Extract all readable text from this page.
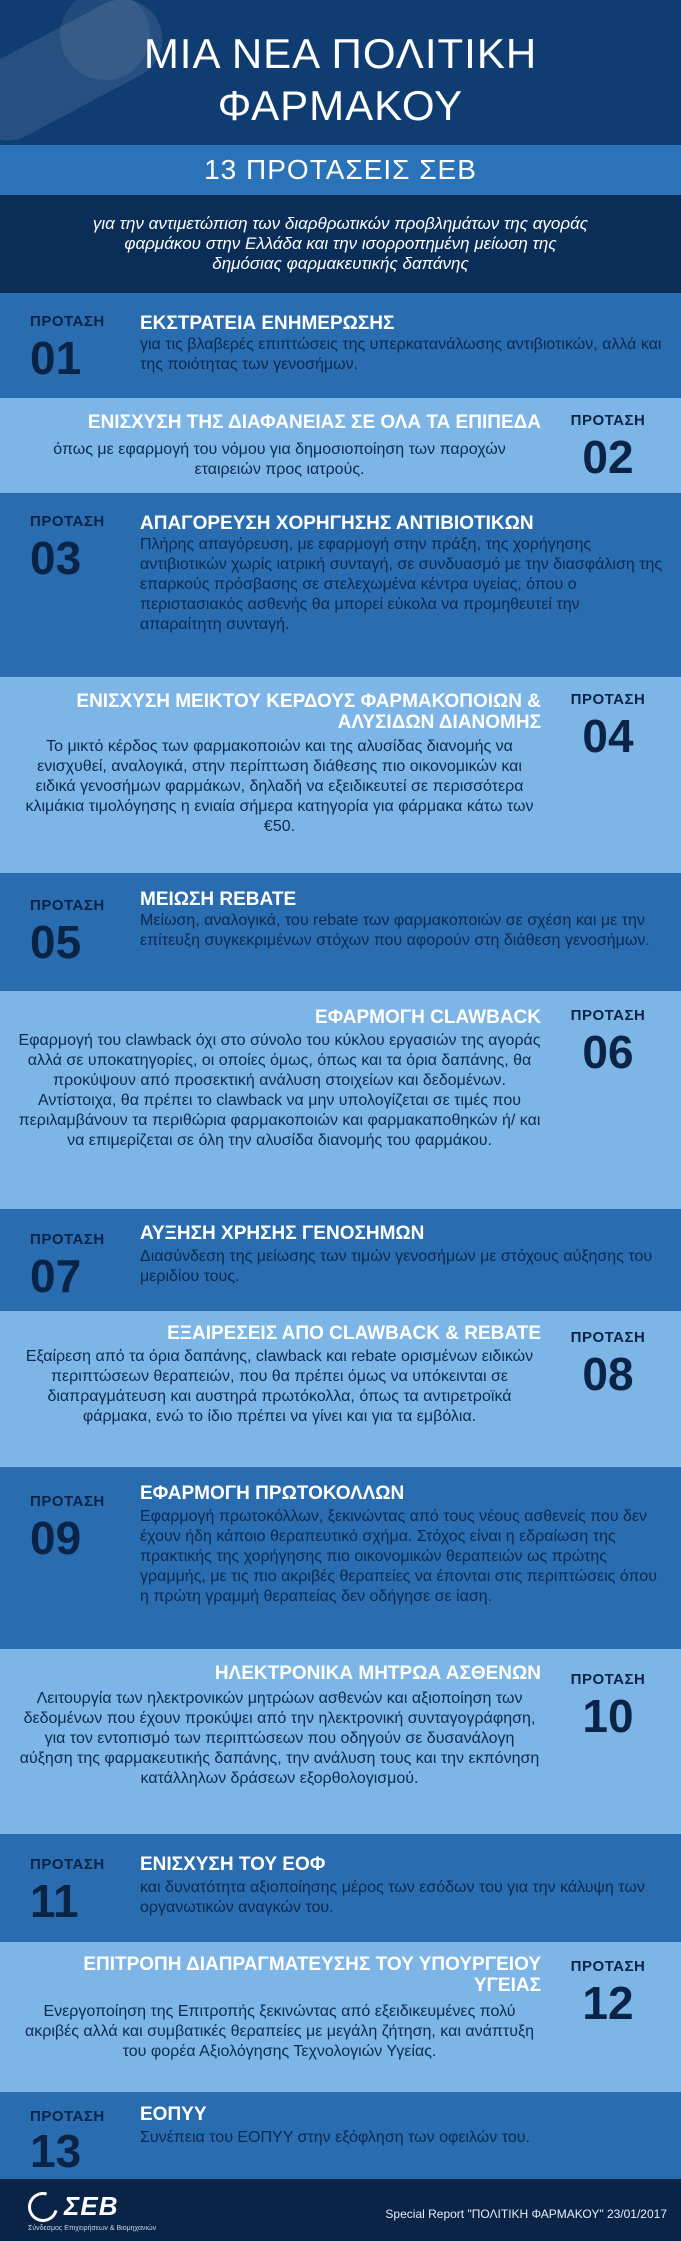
ΜΙΑ ΝΕΑ ΠΟΛΙΤΙΚΗ
ΦΑΡΜΑΚΟΥ
13 ΠΡΟΤΑΣΕΙΣ ΣΕΒ
για την αντιμετώπιση των διαρθρωτικών προβλημάτων της αγοράς φαρμάκου στην Ελλάδα και την ισορροπημένη μείωση της δημόσιας φαρμακευτικής δαπάνης
ΠΡΟΤΑΣΗ
01
ΕΚΣΤΡΑΤΕΙΑ ΕΝΗΜΕΡΩΣΗΣ
για τις βλαβερές επιπτώσεις της υπερκατανάλωσης αντιβιοτικών, αλλά και της ποιότητας των γενοσήμων.
ΠΡΟΤΑΣΗ
02
ΕΝΙΣΧΥΣΗ ΤΗΣ ΔΙΑΦΑΝΕΙΑΣ ΣΕ ΟΛΑ ΤΑ ΕΠΙΠΕΔΑ
όπως με εφαρμογή του νόμου για δημοσιοποίηση των παροχών εταιρειών προς ιατρούς.
ΠΡΟΤΑΣΗ
03
ΑΠΑΓΟΡΕΥΣΗ ΧΟΡΗΓΗΣΗΣ ΑΝΤΙΒΙΟΤΙΚΩΝ
Πλήρης απαγόρευση, με εφαρμογή στην πράξη, της χορήγησης αντιβιοτικών χωρίς ιατρική συνταγή, σε συνδυασμό με την διασφάλιση της επαρκούς πρόσβασης σε στελεχωμένα κέντρα υγείας, όπου ο περιστασιακός ασθενής θα μπορεί εύκολα να προμηθευτεί την απαραίτητη συνταγή.
ΠΡΟΤΑΣΗ
04
ΕΝΙΣΧΥΣΗ ΜΕΙΚΤΟΥ ΚΕΡΔΟΥΣ ΦΑΡΜΑΚΟΠΟΙΩΝ & ΑΛΥΣΙΔΩΝ ΔΙΑΝΟΜΗΣ
Το μικτό κέρδος των φαρμακοποιών και της αλυσίδας διανομής να ενισχυθεί, αναλογικά, στην περίπτωση διάθεσης πιο οικονομικών και ειδικά γενοσήμων φαρμάκων, δηλαδή να εξειδικευτεί σε περισσότερα κλιμάκια τιμολόγησης η ενιαία σήμερα κατηγορία για φάρμακα κάτω των €50.
ΠΡΟΤΑΣΗ
05
ΜΕΙΩΣΗ REBATE
Μείωση, αναλογικά, του rebate των φαρμακοποιών σε σχέση και με την επίτευξη συγκεκριμένων στόχων που αφορούν στη διάθεση γενοσήμων.
ΠΡΟΤΑΣΗ
06
ΕΦΑΡΜΟΓΗ CLAWBACK
Εφαρμογή του clawback όχι στο σύνολο του κύκλου εργασιών της αγοράς αλλά σε υποκατηγορίες, οι οποίες όμως, όπως και τα όρια δαπάνης, θα προκύψουν από προσεκτική ανάλυση στοιχείων και δεδομένων. Αντίστοιχα, θα πρέπει το clawback να μην υπολογίζεται σε τιμές που περιλαμβάνουν τα περιθώρια φαρμακοποιών και φαρμακαποθηκών ή/ και να επιμερίζεται σε όλη την αλυσίδα διανομής του φαρμάκου.
ΠΡΟΤΑΣΗ
07
ΑΥΞΗΣΗ ΧΡΗΣΗΣ ΓΕΝΟΣΗΜΩΝ
Διασύνδεση της μείωσης των τιμών γενοσήμων με στόχους αύξησης του μεριδίου τους.
ΠΡΟΤΑΣΗ
08
ΕΞΑΙΡΕΣΕΙΣ ΑΠΟ CLAWBACK & REBATE
Εξαίρεση από τα όρια δαπάνης, clawback και rebate ορισμένων ειδικών περιπτώσεων θεραπειών, που θα πρέπει όμως να υπόκεινται σε διαπραγμάτευση και αυστηρά πρωτόκολλα, όπως τα αντιρετροϊκά φάρμακα, ενώ το ίδιο πρέπει να γίνει και για τα εμβόλια.
ΠΡΟΤΑΣΗ
09
ΕΦΑΡΜΟΓΗ ΠΡΩΤΟΚΟΛΛΩΝ
Εφαρμογή πρωτοκόλλων, ξεκινώντας από τους νέους ασθενείς που δεν έχουν ήδη κάποιο θεραπευτικό σχήμα. Στόχος είναι η εδραίωση της πρακτικής της χορήγησης πιο οικονομικών θεραπειών ως πρώτης γραμμής, με τις πιο ακριβές θεραπείες να έπονται στις περιπτώσεις όπου η πρώτη γραμμή θεραπείας δεν οδήγησε σε ίαση.
ΠΡΟΤΑΣΗ
10
ΗΛΕΚΤΡΟΝΙΚΑ ΜΗΤΡΩΑ ΑΣΘΕΝΩΝ
Λειτουργία των ηλεκτρονικών μητρώων ασθενών και αξιοποίηση των δεδομένων που έχουν προκύψει από την ηλεκτρονική συνταγογράφηση, για τον εντοπισμό των περιπτώσεων που οδηγούν σε δυσανάλογη αύξηση της φαρμακευτικής δαπάνης, την ανάλυση τους και την εκπόνηση κατάλληλων δράσεων εξορθολογισμού.
ΠΡΟΤΑΣΗ
11
ΕΝΙΣΧΥΣΗ ΤΟΥ ΕΟΦ
και δυνατότητα αξιοποίησης μέρος των εσόδων του για την κάλυψη των οργανωτικών αναγκών του.
ΠΡΟΤΑΣΗ
12
ΕΠΙΤΡΟΠΗ ΔΙΑΠΡΑΓΜΑΤΕΥΣΗΣ ΤΟΥ ΥΠΟΥΡΓΕΙΟΥ ΥΓΕΙΑΣ
Ενεργοποίηση της Επιτροπής ξεκινώντας από εξειδικευμένες πολύ ακριβές αλλά και συμβατικές θεραπείες με μεγάλη ζήτηση, και ανάπτυξη του φορέα Αξιολόγησης Τεχνολογιών Υγείας.
ΠΡΟΤΑΣΗ
13
ΕΟΠΥΥ
Συνέπεια του ΕΟΠΥΥ στην εξόφληση των οφειλών του.
ΣΕΒ
Σύνδεσμος Επιχειρήσεων & Βιομηχανιών
Special Report "ΠΟΛΙΤΙΚΗ ΦΑΡΜΑΚΟΥ" 23/01/2017
